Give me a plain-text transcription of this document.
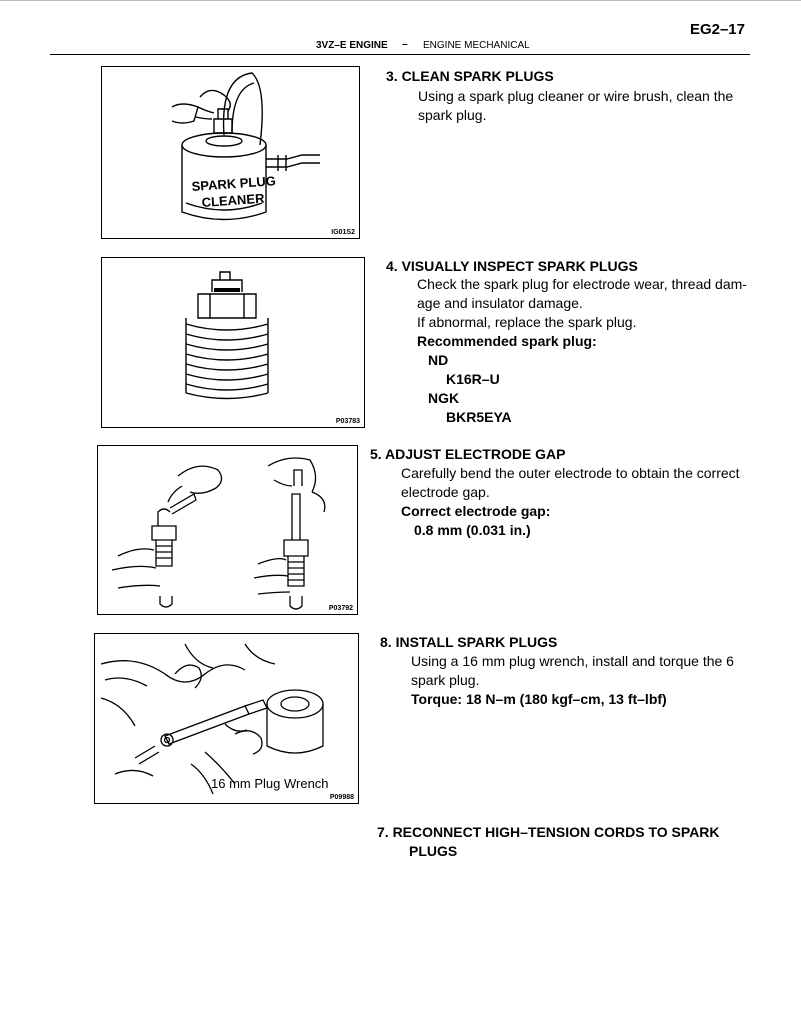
EG2–17
3VZ–E ENGINE – ENGINE MECHANICAL
SPARK PLUG
CLEANER
IG01S2
3. CLEAN SPARK PLUGS
Using a spark plug cleaner or wire brush, clean the
spark plug.
P03783
4. VISUALLY INSPECT SPARK PLUGS
Check the spark plug for electrode wear, thread dam-
age and insulator damage.
If abnormal, replace the spark plug.
Recommended spark plug:
ND
K16R–U
NGK
BKR5EYA
P03792
5. ADJUST ELECTRODE GAP
Carefully bend the outer electrode to obtain the correct
electrode gap.
Correct electrode gap:
0.8 mm (0.031 in.)
16 mm Plug Wrench
P09988
8. INSTALL SPARK PLUGS
Using a 16 mm plug wrench, install and torque the 6
spark plug.
Torque: 18 N–m (180 kgf–cm, 13 ft–lbf)
7. RECONNECT HIGH–TENSION CORDS TO SPARK
PLUGS
